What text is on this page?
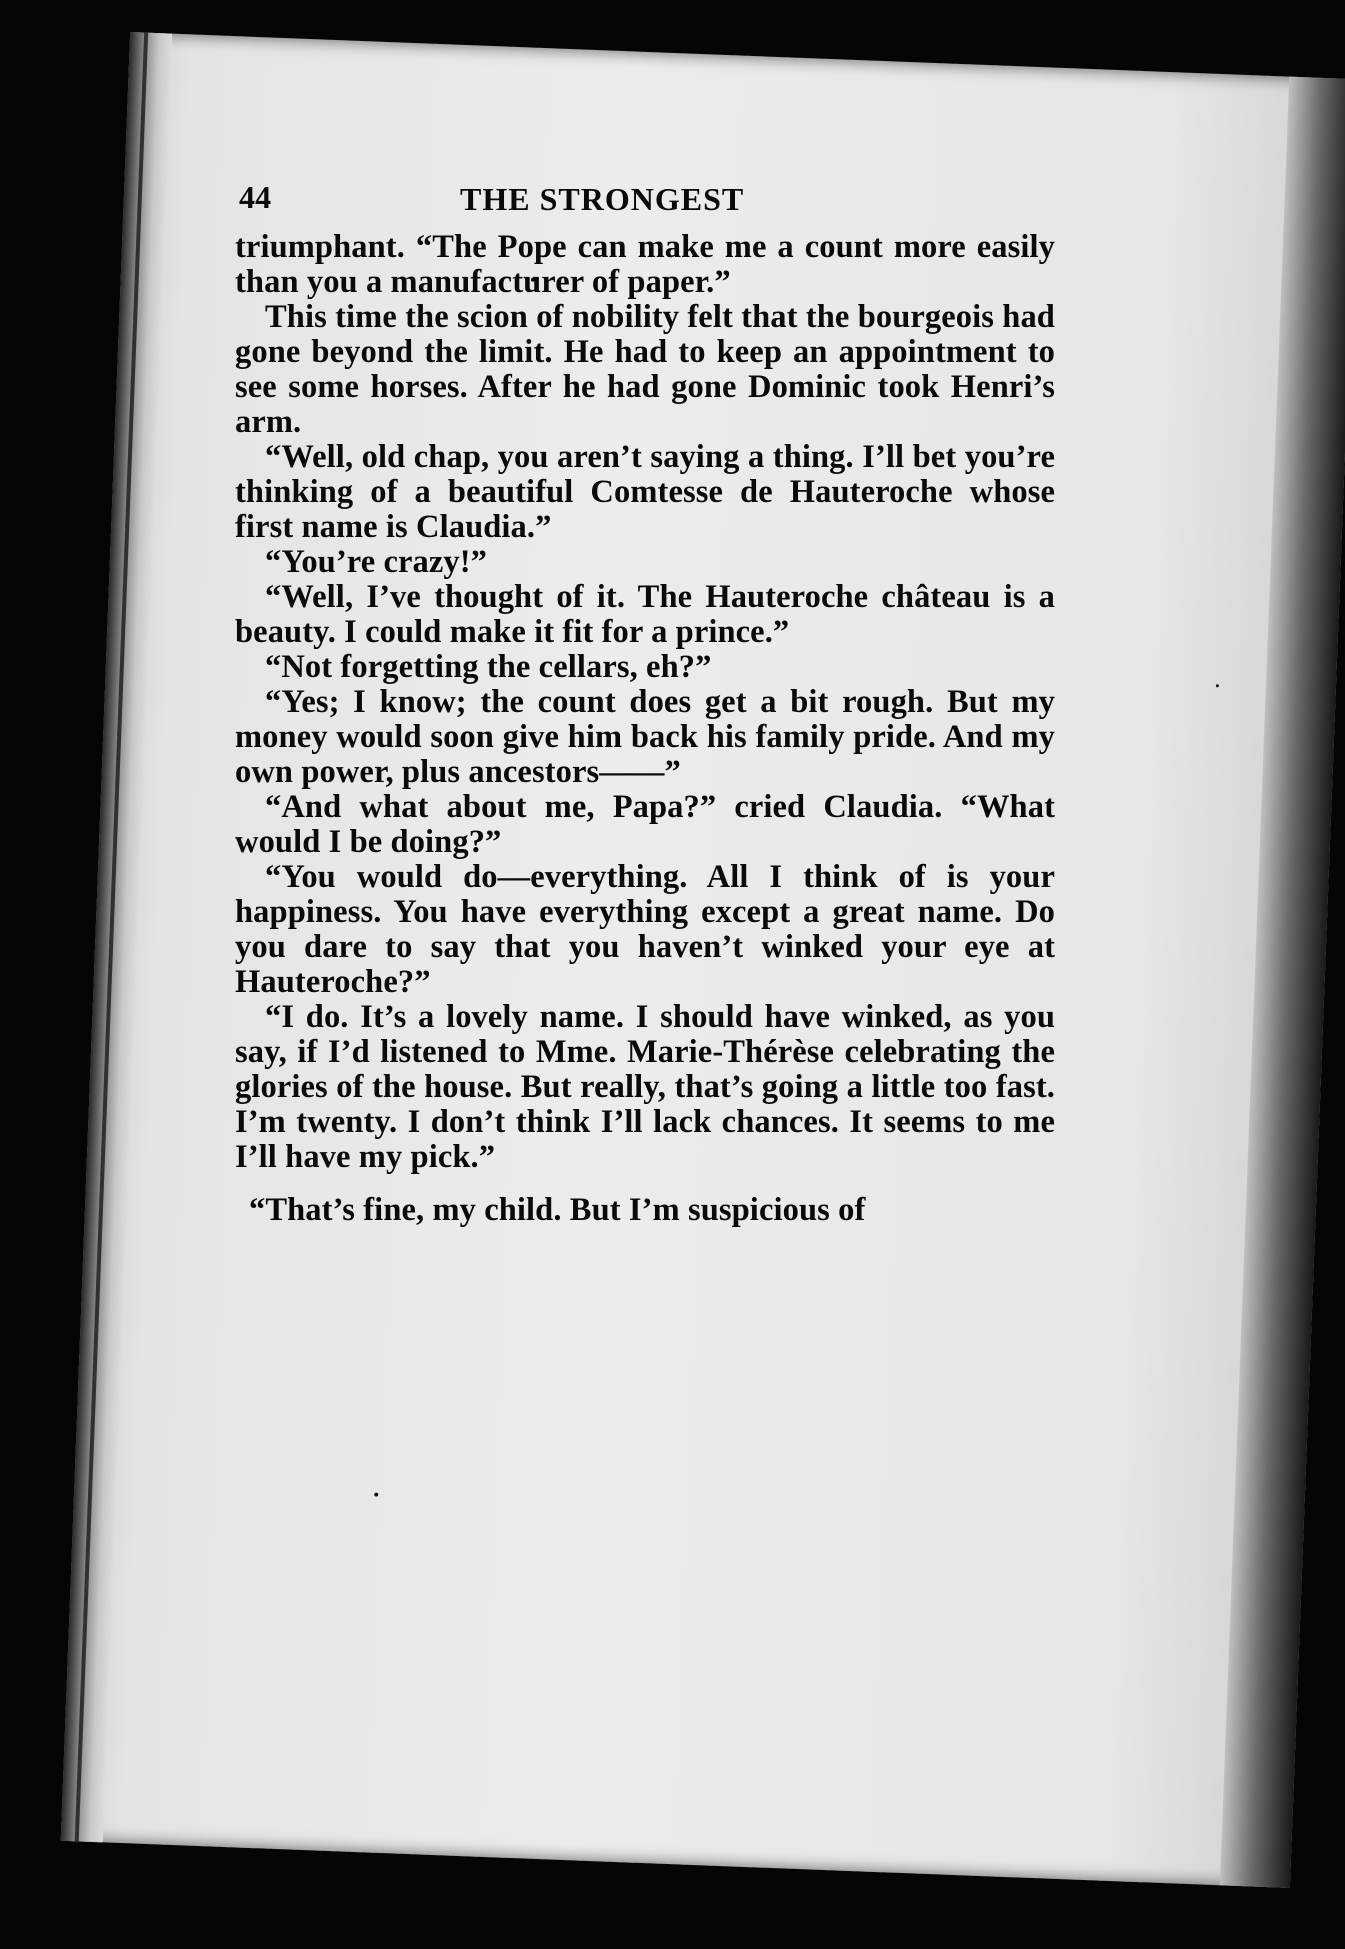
44	THE STRONGEST

triumphant. “The Pope can make me a count more easily than you a manufacturer of paper.”

This time the scion of nobility felt that the bourgeois had gone beyond the limit. He had to keep an appointment to see some horses. After he had gone Dominic took Henri’s arm.

“Well, old chap, you aren’t saying a thing. I’ll bet you’re thinking of a beautiful Comtesse de Hauteroche whose first name is Claudia.”

“You’re crazy!”

“Well, I’ve thought of it. The Hauteroche château is a beauty. I could make it fit for a prince.”

“Not forgetting the cellars, eh?”

“Yes; I know; the count does get a bit rough. But my money would soon give him back his family pride. And my own power, plus ancestors——”

“And what about me, Papa?” cried Claudia. “What would I be doing?”

“You would do—everything. All I think of is your happiness. You have everything except a great name. Do you dare to say that you haven’t winked your eye at Hauteroche?”

“I do. It’s a lovely name. I should have winked, as you say, if I’d listened to Mme. Marie-Thérèse celebrating the glories of the house. But really, that’s going a little too fast. I’m twenty. I don’t think I’ll lack chances. It seems to me I’ll have my pick.”

“That’s fine, my child. But I’m suspicious of
